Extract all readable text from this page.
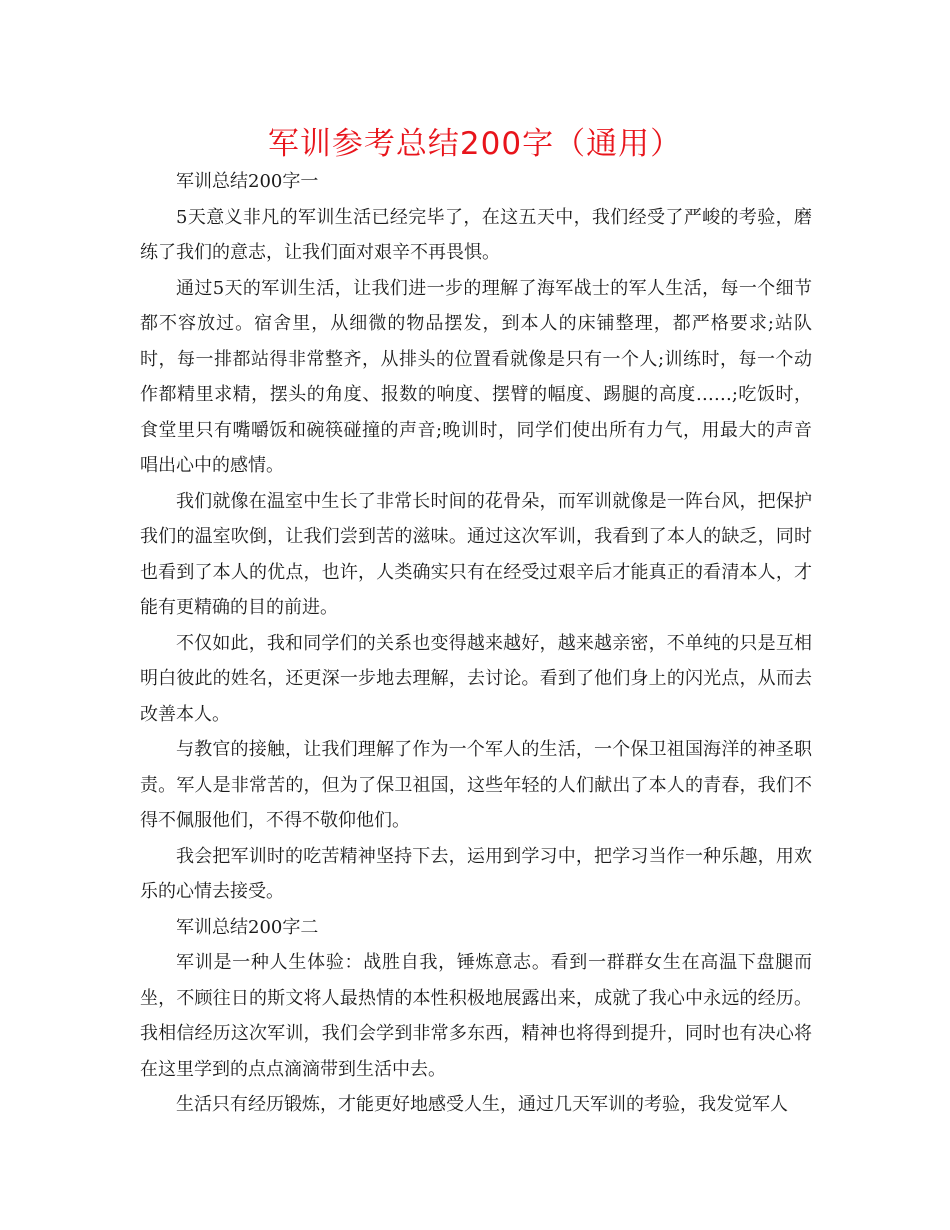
军训参考总结200字（通用）

军训总结200字一

5天意义非凡的军训生活已经完毕了，在这五天中，我们经受了严峻的考验，磨练了我们的意志，让我们面对艰辛不再畏惧。

通过5天的军训生活，让我们进一步的理解了海军战士的军人生活，每一个细节都不容放过。宿舍里，从细微的物品摆发，到本人的床铺整理，都严格要求;站队时，每一排都站得非常整齐，从排头的位置看就像是只有一个人;训练时，每一个动作都精里求精，摆头的角度、报数的响度、摆臂的幅度、踢腿的高度……;吃饭时，食堂里只有嘴嚼饭和碗筷碰撞的声音;晚训时，同学们使出所有力气，用最大的声音唱出心中的感情。

我们就像在温室中生长了非常长时间的花骨朵，而军训就像是一阵台风，把保护我们的温室吹倒，让我们尝到苦的滋味。通过这次军训，我看到了本人的缺乏，同时也看到了本人的优点，也许，人类确实只有在经受过艰辛后才能真正的看清本人，才能有更精确的目的前进。

不仅如此，我和同学们的关系也变得越来越好，越来越亲密，不单纯的只是互相明白彼此的姓名，还更深一步地去理解，去讨论。看到了他们身上的闪光点，从而去改善本人。

与教官的接触，让我们理解了作为一个军人的生活，一个保卫祖国海洋的神圣职责。军人是非常苦的，但为了保卫祖国，这些年轻的人们献出了本人的青春，我们不得不佩服他们，不得不敬仰他们。

我会把军训时的吃苦精神坚持下去，运用到学习中，把学习当作一种乐趣，用欢乐的心情去接受。

军训总结200字二

军训是一种人生体验：战胜自我，锤炼意志。看到一群群女生在高温下盘腿而坐，不顾往日的斯文将人最热情的本性积极地展露出来，成就了我心中永远的经历。我相信经历这次军训，我们会学到非常多东西，精神也将得到提升，同时也有决心将在这里学到的点点滴滴带到生活中去。

生活只有经历锻炼，才能更好地感受人生，通过几天军训的考验，我发觉军人
